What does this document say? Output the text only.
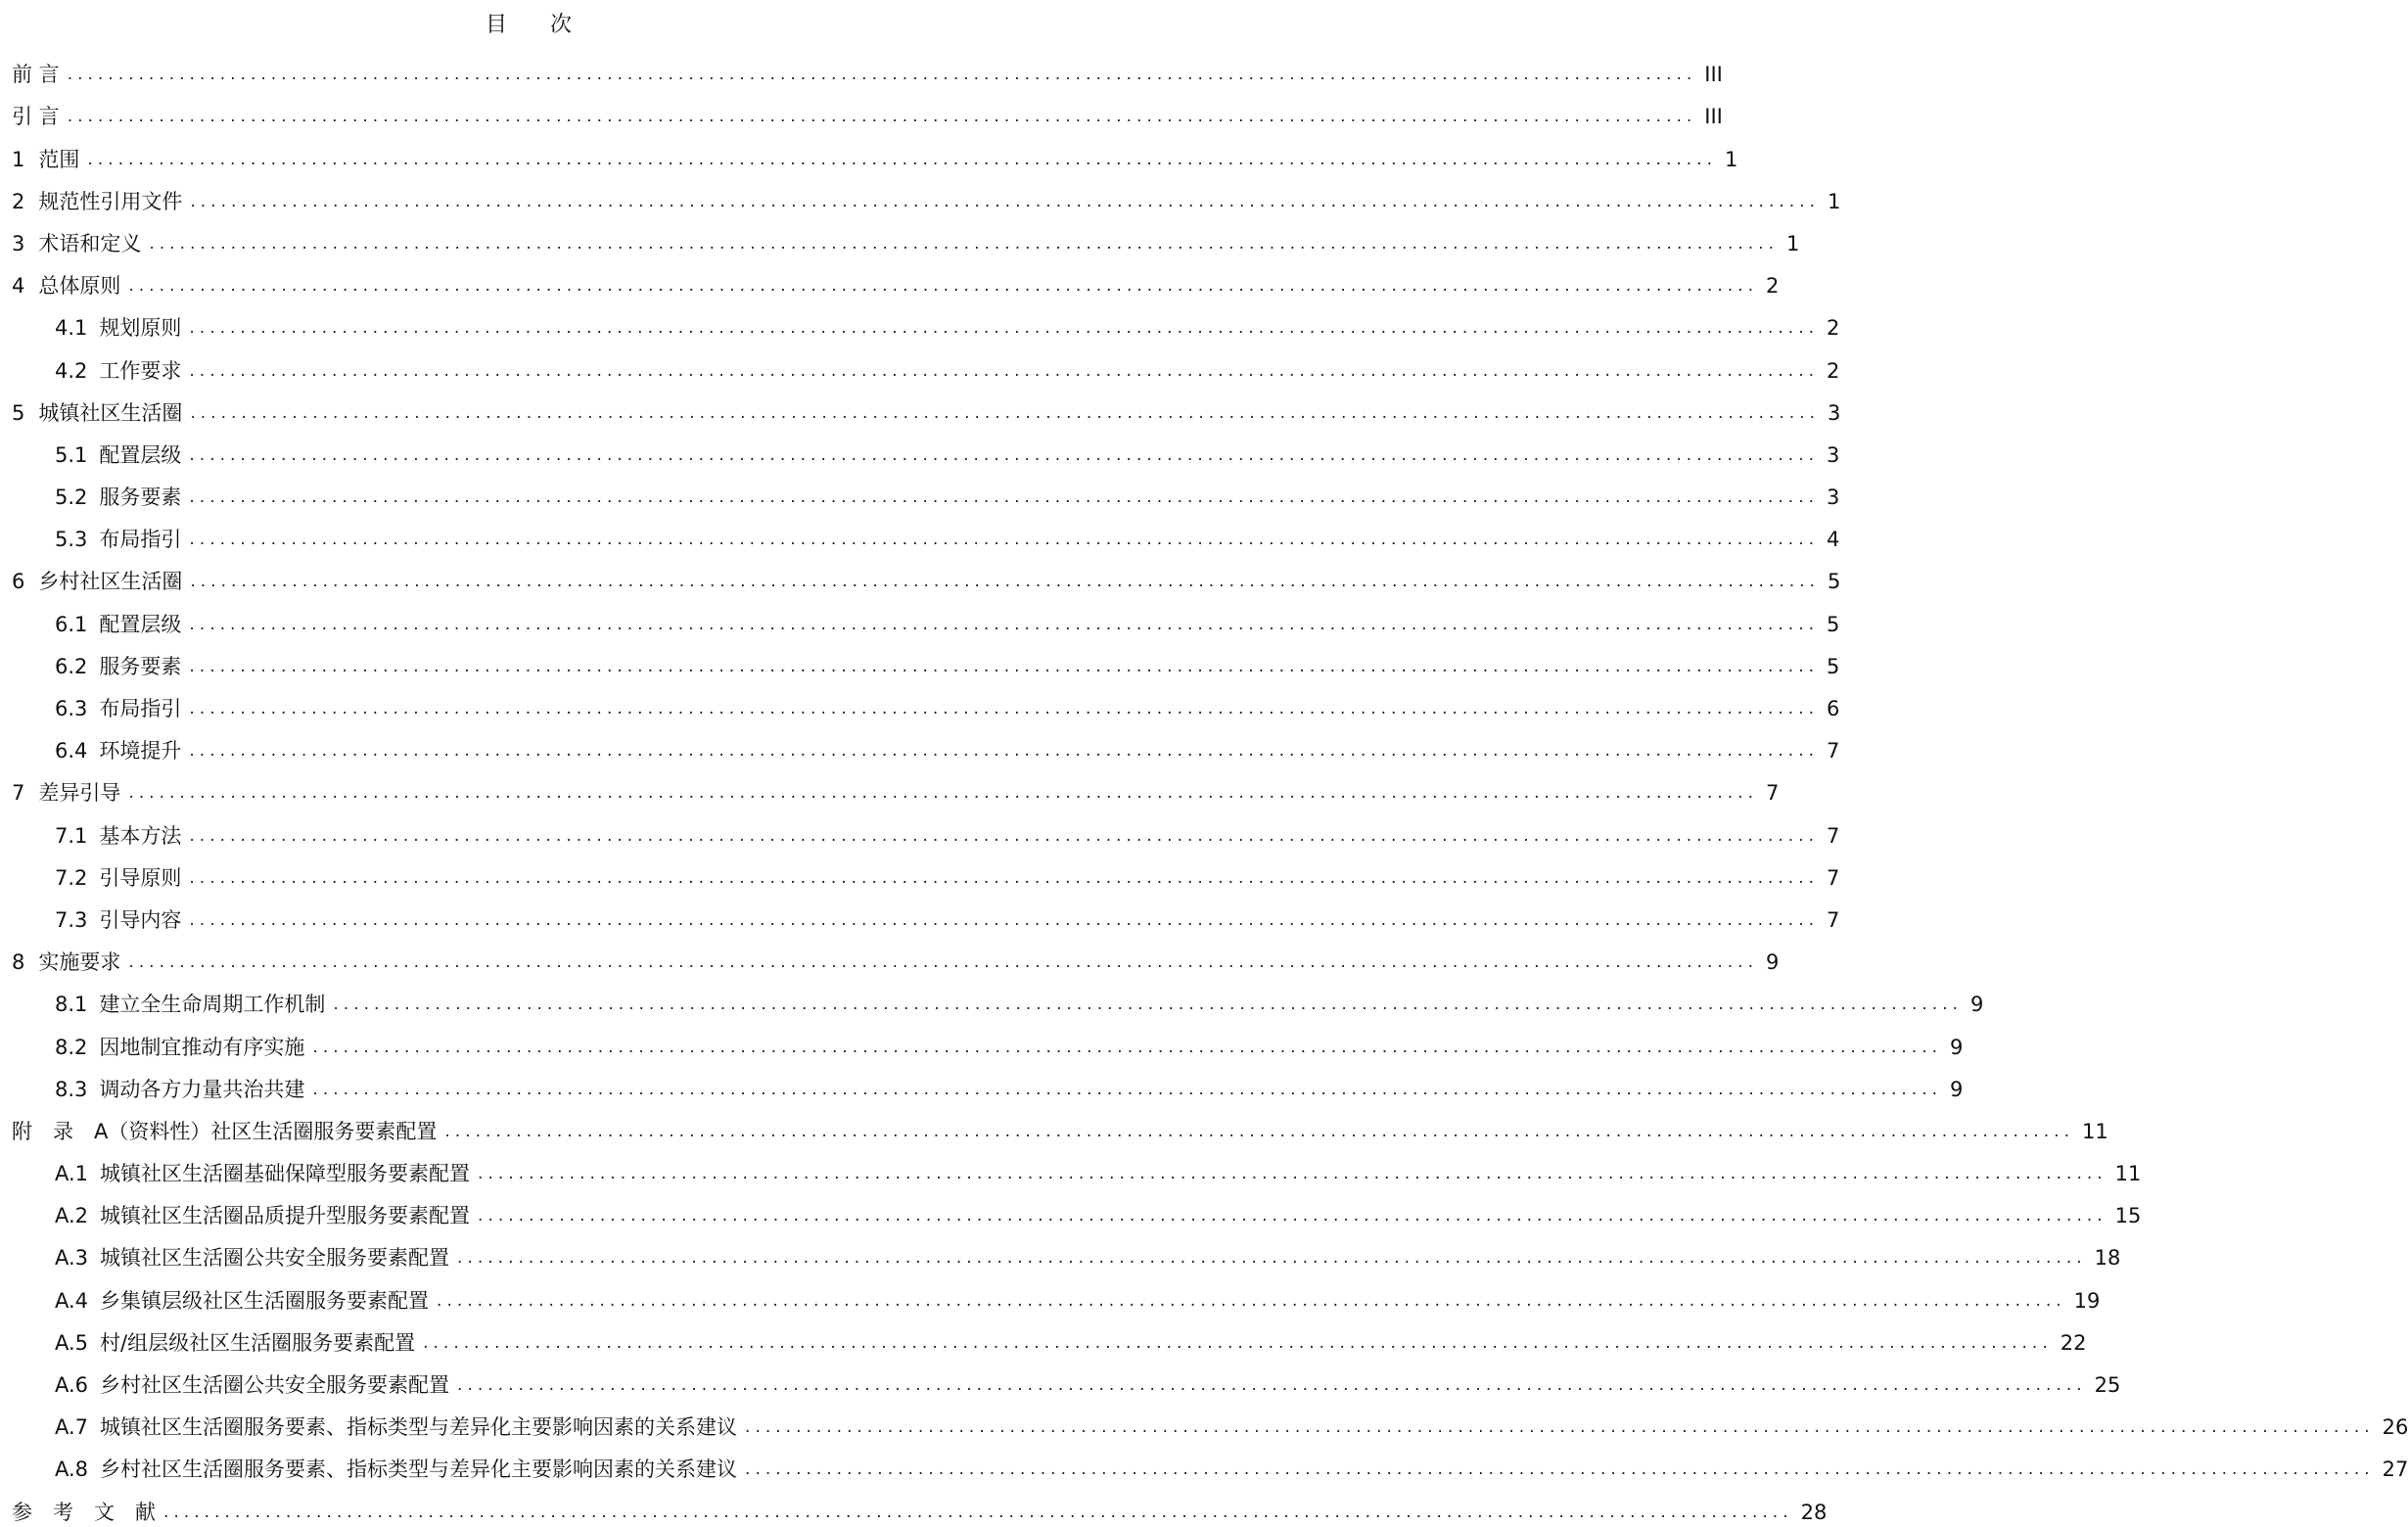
目　　次
前 言 ................................................................................................................................................................ III
引 言 ................................................................................................................................................................ III
1 范围 ................................................................................................................................................................ 1
2 规范性引用文件 ................................................................................................................................................................ 1
3 术语和定义 ................................................................................................................................................................ 1
4 总体原则 ................................................................................................................................................................ 2
4.1 规划原则 ................................................................................................................................................................ 2
4.2 工作要求 ................................................................................................................................................................ 2
5 城镇社区生活圈 ................................................................................................................................................................ 3
5.1 配置层级 ................................................................................................................................................................ 3
5.2 服务要素 ................................................................................................................................................................ 3
5.3 布局指引 ................................................................................................................................................................ 4
6 乡村社区生活圈 ................................................................................................................................................................ 5
6.1 配置层级 ................................................................................................................................................................ 5
6.2 服务要素 ................................................................................................................................................................ 5
6.3 布局指引 ................................................................................................................................................................ 6
6.4 环境提升 ................................................................................................................................................................ 7
7 差异引导 ................................................................................................................................................................ 7
7.1 基本方法 ................................................................................................................................................................ 7
7.2 引导原则 ................................................................................................................................................................ 7
7.3 引导内容 ................................................................................................................................................................ 7
8 实施要求 ................................................................................................................................................................ 9
8.1 建立全生命周期工作机制 ................................................................................................................................................................ 9
8.2 因地制宜推动有序实施 ................................................................................................................................................................ 9
8.3 调动各方力量共治共建 ................................................................................................................................................................ 9
附　录　A（资料性）社区生活圈服务要素配置 ................................................................................................................................................................ 11
A.1 城镇社区生活圈基础保障型服务要素配置 ................................................................................................................................................................ 11
A.2 城镇社区生活圈品质提升型服务要素配置 ................................................................................................................................................................ 15
A.3 城镇社区生活圈公共安全服务要素配置 ................................................................................................................................................................ 18
A.4 乡集镇层级社区生活圈服务要素配置 ................................................................................................................................................................ 19
A.5 村/组层级社区生活圈服务要素配置 ................................................................................................................................................................ 22
A.6 乡村社区生活圈公共安全服务要素配置 ................................................................................................................................................................ 25
A.7 城镇社区生活圈服务要素、指标类型与差异化主要影响因素的关系建议 ................................................................................................................................................................ 26
A.8 乡村社区生活圈服务要素、指标类型与差异化主要影响因素的关系建议 ................................................................................................................................................................ 27
参　考　文　献 ................................................................................................................................................................ 28
